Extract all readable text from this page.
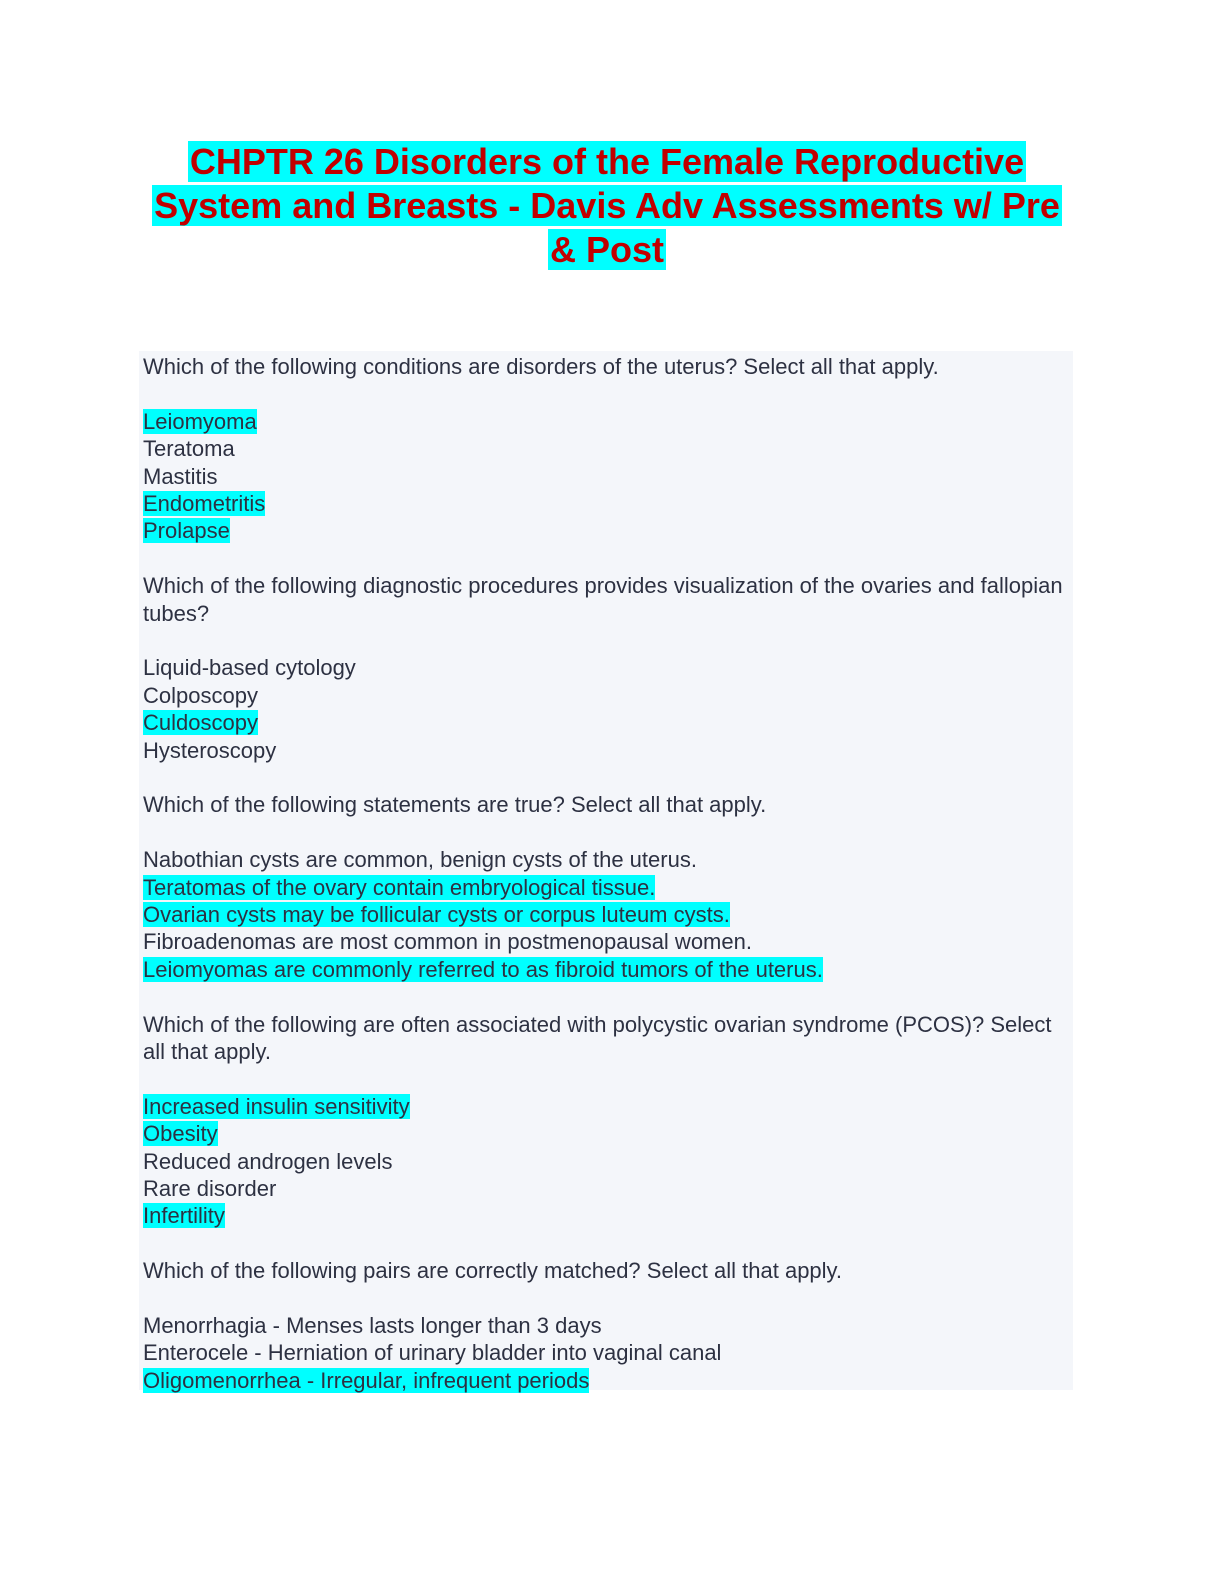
CHPTR 26 Disorders of the Female Reproductive
System and Breasts - Davis Adv Assessments w/ Pre
& Post
Which of the following conditions are disorders of the uterus? Select all that apply.
Leiomyoma
Teratoma
Mastitis
Endometritis
Prolapse
Which of the following diagnostic procedures provides visualization of the ovaries and fallopian tubes?
Liquid-based cytology
Colposcopy
Culdoscopy
Hysteroscopy
Which of the following statements are true? Select all that apply.
Nabothian cysts are common, benign cysts of the uterus.
Teratomas of the ovary contain embryological tissue.
Ovarian cysts may be follicular cysts or corpus luteum cysts.
Fibroadenomas are most common in postmenopausal women.
Leiomyomas are commonly referred to as fibroid tumors of the uterus.
Which of the following are often associated with polycystic ovarian syndrome (PCOS)? Select all that apply.
Increased insulin sensitivity
Obesity
Reduced androgen levels
Rare disorder
Infertility
Which of the following pairs are correctly matched? Select all that apply.
Menorrhagia - Menses lasts longer than 3 days
Enterocele - Herniation of urinary bladder into vaginal canal
Oligomenorrhea - Irregular, infrequent periods
